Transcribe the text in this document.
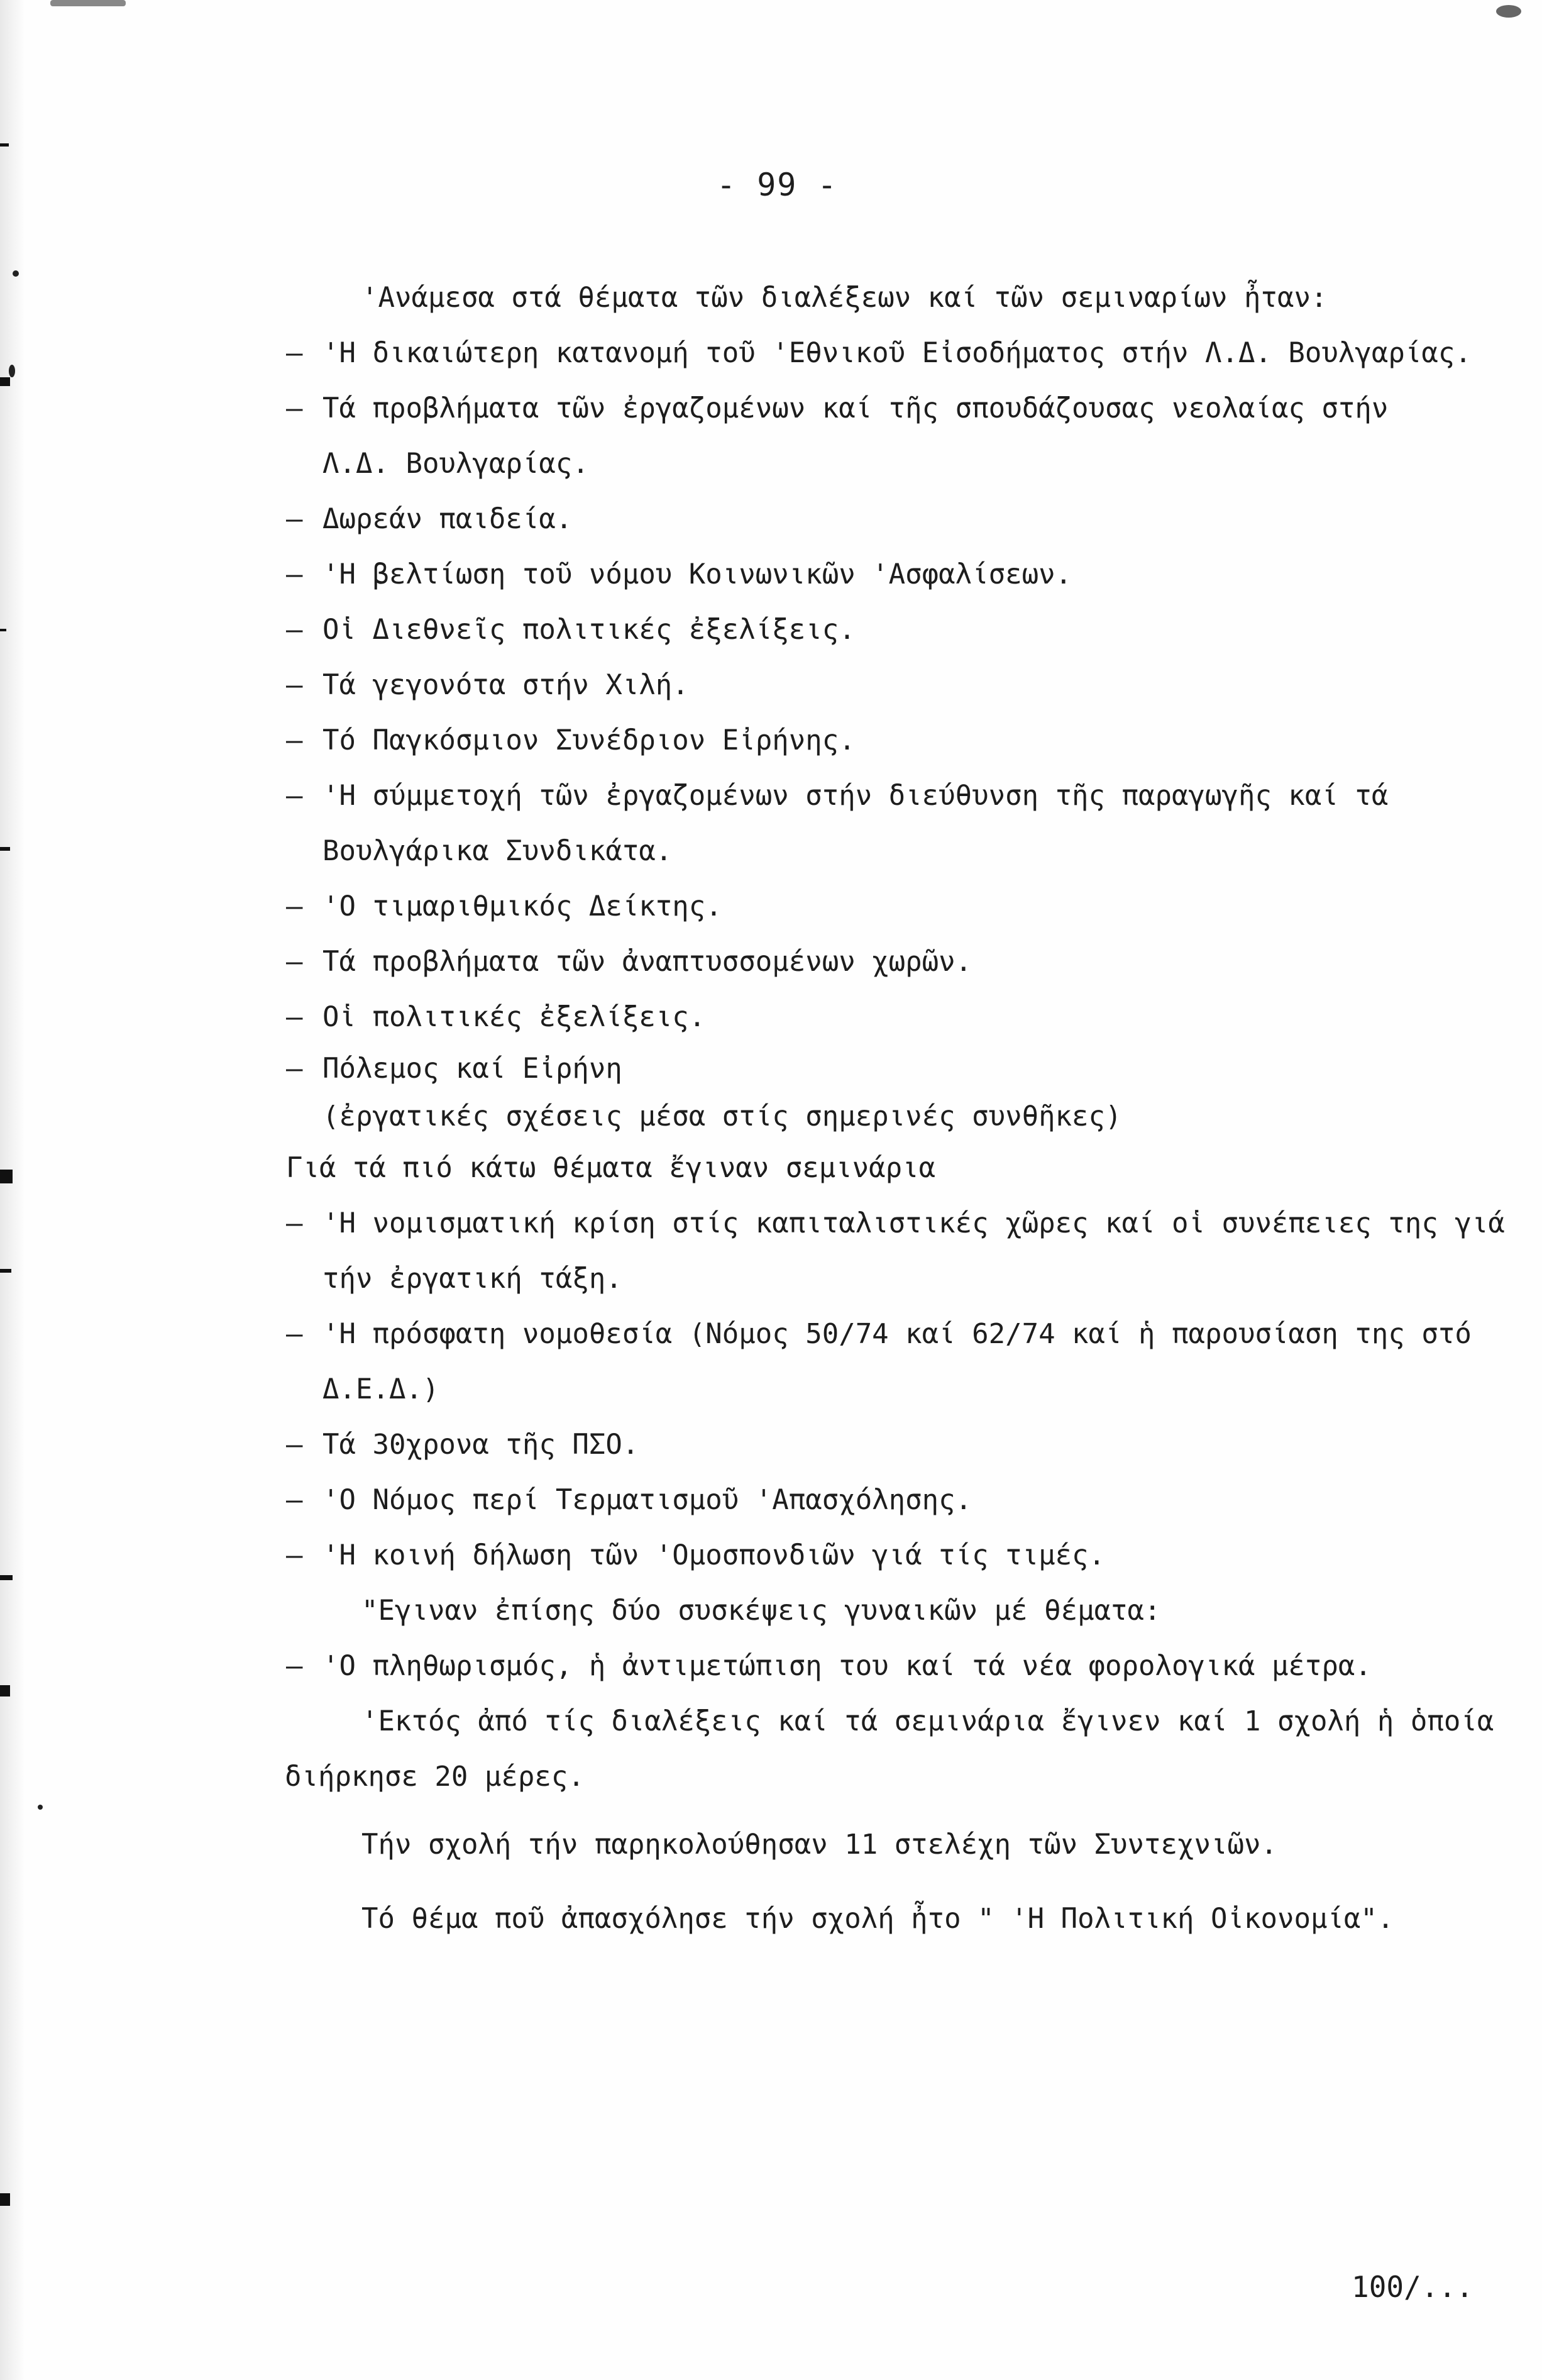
- 99 -
'Ανάμεσα στά θέματα τῶν διαλέξεων καί τῶν σεμιναρίων ἦταν:
– 'Η δικαιώτερη κατανομή τοῦ 'Εθνικοῦ Εἰσοδήματος στήν Λ.Δ. Βουλγαρίας.
– Τά προβλήματα τῶν ἐργαζομένων καί τῆς σπουδάζουσας νεολαίας στήν
Λ.Δ. Βουλγαρίας.
– Δωρεάν παιδεία.
– 'Η βελτίωση τοῦ νόμου Κοινωνικῶν 'Ασφαλίσεων.
– Οἱ Διεθνεῖς πολιτικές ἐξελίξεις.
– Τά γεγονότα στήν Χιλή.
– Τό Παγκόσμιον Συνέδριον Εἰρήνης.
– 'Η σύμμετοχή τῶν ἐργαζομένων στήν διεύθυνση τῆς παραγωγῆς καί τά
Βουλγάρικα Συνδικάτα.
– 'Ο τιμαριθμικός Δείκτης.
– Τά προβλήματα τῶν ἀναπτυσσομένων χωρῶν.
– Οἱ πολιτικές ἐξελίξεις.
– Πόλεμος καί Εἰρήνη
(ἐργατικές σχέσεις μέσα στίς σημερινές συνθῆκες)
Γιά τά πιό κάτω θέματα ἔγιναν σεμινάρια
– 'Η νομισματική κρίση στίς καπιταλιστικές χῶρες καί οἱ συνέπειες της γιά
τήν ἐργατική τάξη.
– 'Η πρόσφατη νομοθεσία (Νόμος 50/74 καί 62/74 καί ἡ παρουσίαση της στό
Δ.Ε.Δ.)
– Τά 30χρονα τῆς ΠΣΟ.
– 'Ο Νόμος περί Τερματισμοῦ 'Απασχόλησης.
– 'Η κοινή δήλωση τῶν 'Ομοσπονδιῶν γιά τίς τιμές.
"Εγιναν ἐπίσης δύο συσκέψεις γυναικῶν μέ θέματα:
– 'Ο πληθωρισμός, ἡ ἀντιμετώπιση του καί τά νέα φορολογικά μέτρα.
'Εκτός ἀπό τίς διαλέξεις καί τά σεμινάρια ἔγινεν καί 1 σχολή ἡ ὁποία
διήρκησε 20 μέρες.
Τήν σχολή τήν παρηκολούθησαν 11 στελέχη τῶν Συντεχνιῶν.
Τό θέμα ποῦ ἀπασχόλησε τήν σχολή ἦτο " 'Η Πολιτική Οἰκονομία".
100/...
